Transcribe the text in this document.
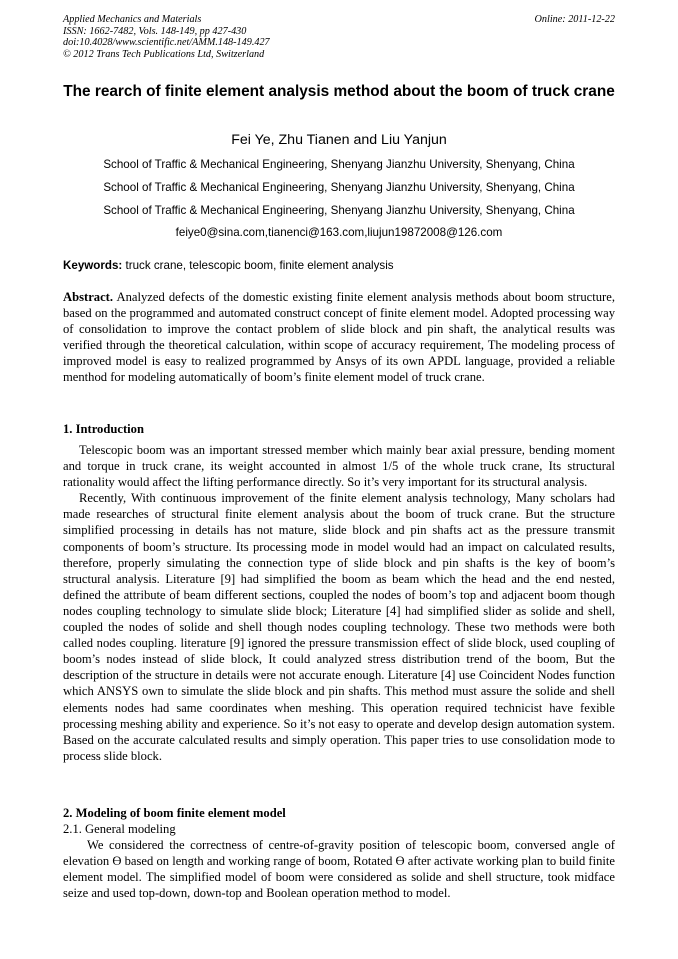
Applied Mechanics and Materials
ISSN: 1662-7482, Vols. 148-149, pp 427-430
doi:10.4028/www.scientific.net/AMM.148-149.427
© 2012 Trans Tech Publications Ltd, Switzerland
Online: 2011-12-22
The rearch of finite element analysis method about the boom of truck crane
Fei Ye, Zhu Tianen and Liu Yanjun
School of Traffic & Mechanical Engineering, Shenyang Jianzhu University, Shenyang, China
School of Traffic & Mechanical Engineering, Shenyang Jianzhu University, Shenyang, China
School of Traffic & Mechanical Engineering, Shenyang Jianzhu University, Shenyang, China
feiye0@sina.com,tianenci@163.com,liujun19872008@126.com
Keywords: truck crane, telescopic boom, finite element analysis

Abstract. Analyzed defects of the domestic existing finite element analysis methods about boom structure, based on the programmed and automated construct concept of finite element model. Adopted processing way of consolidation to improve the contact problem of slide block and pin shaft, the analytical results was verified through the theoretical calculation, within scope of accuracy requirement, The modeling process of improved model is easy to realized programmed by Ansys of its own APDL language, provided a reliable menthod for modeling automatically of boom’s finite element model of truck crane.

1. Introduction

Telescopic boom was an important stressed member which mainly bear axial pressure, bending moment and torque in truck crane, its weight accounted in almost 1/5 of the whole truck crane, Its structural rationality would affect the lifting performance directly. So it’s very important for its structural analysis.

Recently, With continuous improvement of the finite element analysis technology, Many scholars had made researches of structural finite element analysis about the boom of truck crane. But the structure simplified processing in details has not mature, slide block and pin shafts act as the pressure transmit components of boom’s structure. Its processing mode in model would had an impact on calculated results, therefore, properly simulating the connection type of slide block and pin shafts is the key of boom’s structural analysis. Literature [9] had simplified the boom as beam which the head and the end nested, defined the attribute of beam different sections, coupled the nodes of boom’s top and adjacent boom though nodes coupling technology to simulate slide block; Literature [4] had simplified slider as solide and shell, coupled the nodes of solide and shell though nodes coupling technology. These two methods were both called nodes coupling. literature [9] ignored the pressure transmission effect of slide block, used coupling of boom’s nodes instead of slide block, It could analyzed stress distribution trend of the boom, But the description of the structure in details were not accurate enough. Literature [4] use Coincident Nodes function which ANSYS own to simulate the slide block and pin shafts. This method must assure the solide and shell elements nodes had same coordinates when meshing. This operation required technicist have fexible processing meshing ability and experience. So it’s not easy to operate and develop design automation system. Based on the accurate calculated results and simply operation. This paper tries to use consolidation mode to process slide block.

2. Modeling of boom finite element model
2.1. General modeling

We considered the correctness of centre-of-gravity position of telescopic boom, conversed angle of elevation Ɵ based on length and working range of boom, Rotated Ɵ after activate working plan to build finite element model. The simplified model of boom were considered as solide and shell structure, took midface seize and used top-down, down-top and Boolean operation method to model.
